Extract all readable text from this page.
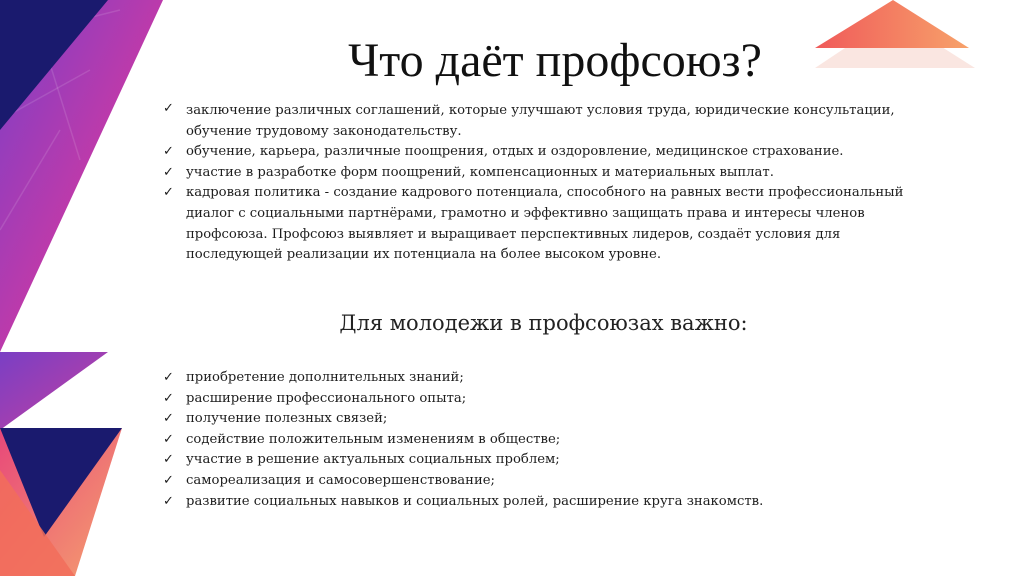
Что даёт профсоюз?
✓ заключение различных соглашений, которые улучшают условия труда, юридические консультации, обучение трудовому законодательству.
✓ обучение, карьера, различные поощрения, отдых и оздоровление, медицинское страхование.
✓ участие в разработке форм поощрений, компенсационных и материальных выплат.
✓ кадровая политика - создание кадрового потенциала, способного на равных вести профессиональный диалог с социальными партнёрами, грамотно и эффективно защищать права и интересы членов профсоюза. Профсоюз выявляет и выращивает перспективных лидеров, создаёт условия для последующей реализации их потенциала на более высоком уровне.
Для молодежи в профсоюзах важно:
✓ приобретение дополнительных знаний;
✓ расширение профессионального опыта;
✓ получение полезных связей;
✓ содействие положительным изменениям в обществе;
✓ участие в решение актуальных социальных проблем;
✓ самореализация и самосовершенствование;
✓ развитие социальных навыков и социальных ролей, расширение круга знакомств.
